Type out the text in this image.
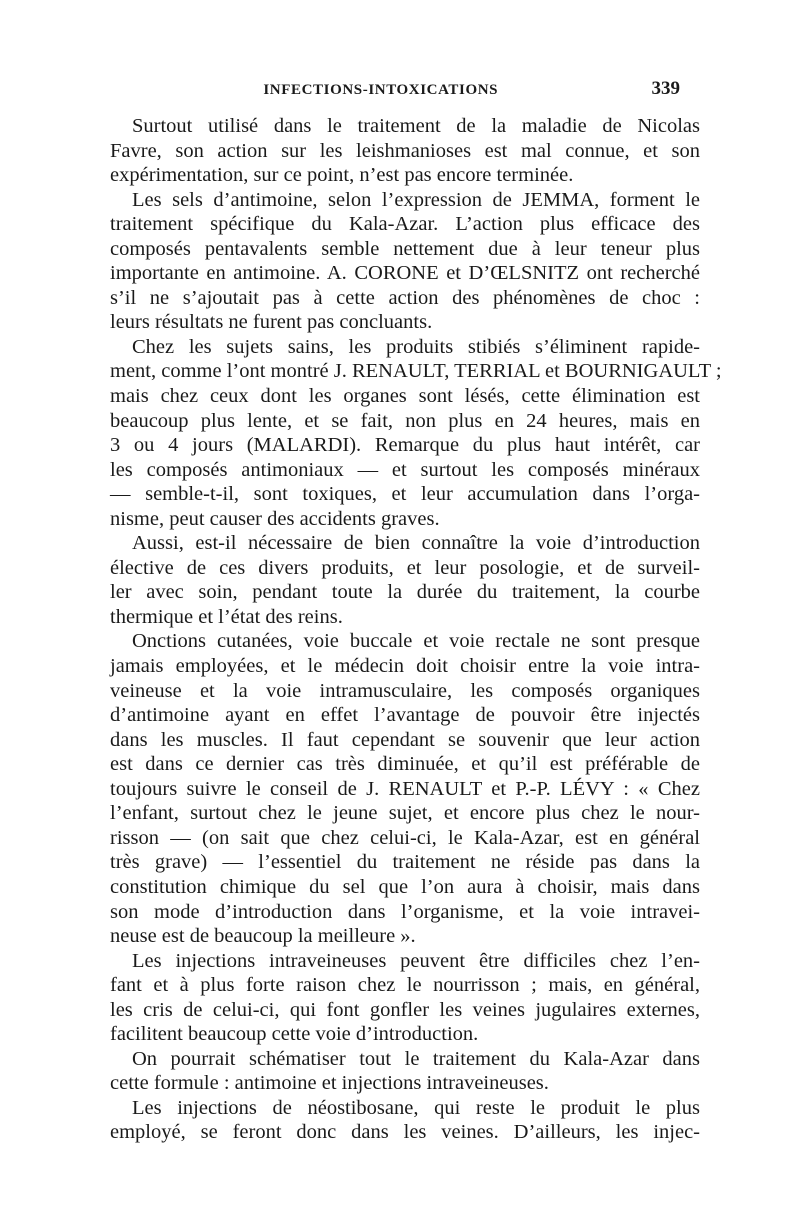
INFECTIONS-INTOXICATIONS	339
Surtout utilisé dans le traitement de la maladie de Nicolas
Favre, son action sur les leishmanioses est mal connue, et son
expérimentation, sur ce point, n’est pas encore terminée.
Les sels d’antimoine, selon l’expression de JEMMA, forment le
traitement spécifique du Kala-Azar. L’action plus efficace des
composés pentavalents semble nettement due à leur teneur plus
importante en antimoine. A. CORONE et D’ŒLSNITZ ont recherché
s’il ne s’ajoutait pas à cette action des phénomènes de choc :
leurs résultats ne furent pas concluants.
Chez les sujets sains, les produits stibiés s’éliminent rapide-
ment, comme l’ont montré J. RENAULT, TERRIAL et BOURNIGAULT ;
mais chez ceux dont les organes sont lésés, cette élimination est
beaucoup plus lente, et se fait, non plus en 24 heures, mais en
3 ou 4 jours (MALARDI). Remarque du plus haut intérêt, car
les composés antimoniaux — et surtout les composés minéraux
— semble-t-il, sont toxiques, et leur accumulation dans l’orga-
nisme, peut causer des accidents graves.
Aussi, est-il nécessaire de bien connaître la voie d’introduction
élective de ces divers produits, et leur posologie, et de surveil-
ler avec soin, pendant toute la durée du traitement, la courbe
thermique et l’état des reins.
Onctions cutanées, voie buccale et voie rectale ne sont presque
jamais employées, et le médecin doit choisir entre la voie intra-
veineuse et la voie intramusculaire, les composés organiques
d’antimoine ayant en effet l’avantage de pouvoir être injectés
dans les muscles. Il faut cependant se souvenir que leur action
est dans ce dernier cas très diminuée, et qu’il est préférable de
toujours suivre le conseil de J. RENAULT et P.-P. LÉVY : « Chez
l’enfant, surtout chez le jeune sujet, et encore plus chez le nour-
risson — (on sait que chez celui-ci, le Kala-Azar, est en général
très grave) — l’essentiel du traitement ne réside pas dans la
constitution chimique du sel que l’on aura à choisir, mais dans
son mode d’introduction dans l’organisme, et la voie intravei-
neuse est de beaucoup la meilleure ».
Les injections intraveineuses peuvent être difficiles chez l’en-
fant et à plus forte raison chez le nourrisson ; mais, en général,
les cris de celui-ci, qui font gonfler les veines jugulaires externes,
facilitent beaucoup cette voie d’introduction.
On pourrait schématiser tout le traitement du Kala-Azar dans
cette formule : antimoine et injections intraveineuses.
Les injections de néostibosane, qui reste le produit le plus
employé, se feront donc dans les veines. D’ailleurs, les injec-
